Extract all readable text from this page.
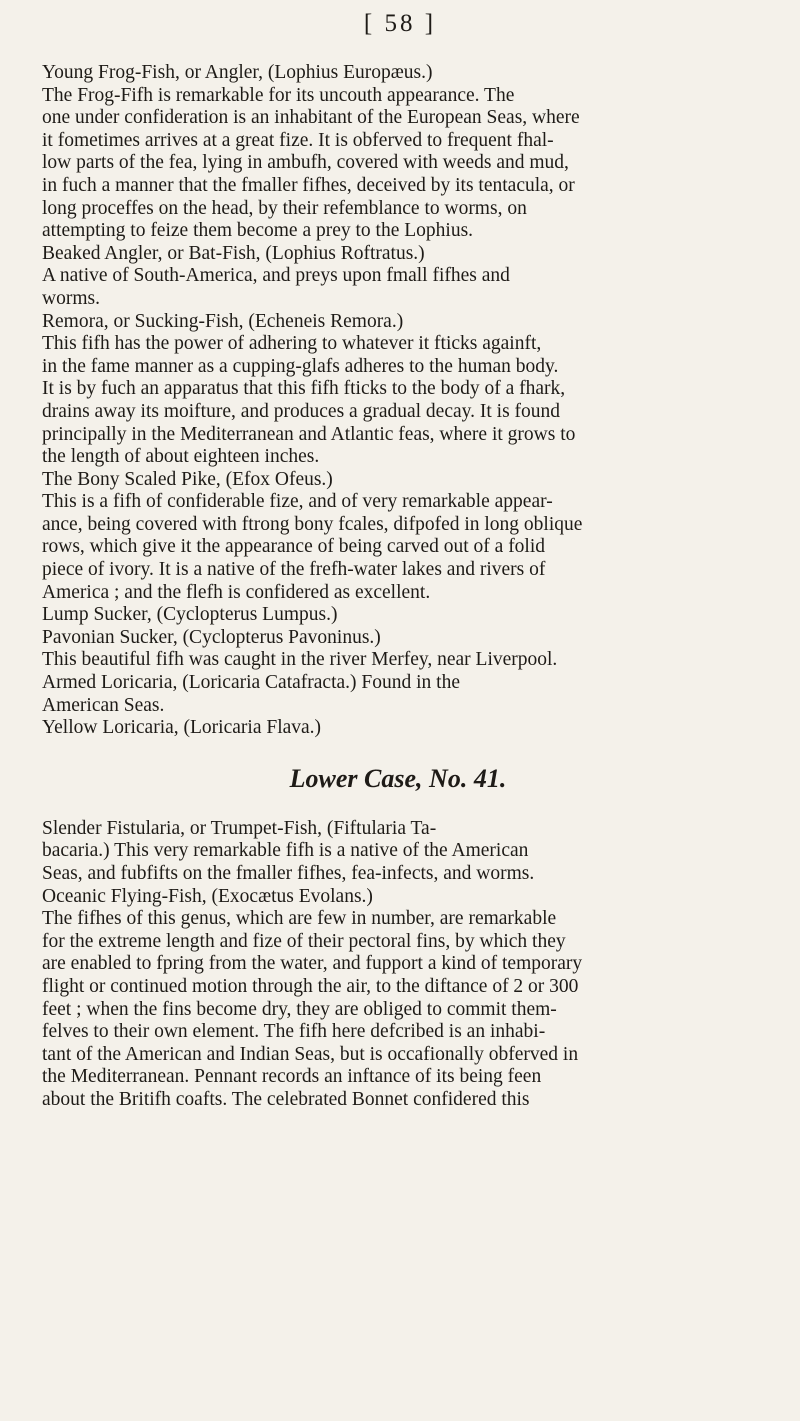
[ 58 ]
Young Frog-Fish, or Angler, (Lophius Europæus.)
The Frog-Fifh is remarkable for its uncouth appearance. The
one under confideration is an inhabitant of the European Seas, where
it fometimes arrives at a great fize. It is obferved to frequent fhal-
low parts of the fea, lying in ambufh, covered with weeds and mud,
in fuch a manner that the fmaller fifhes, deceived by its tentacula, or
long proceffes on the head, by their refemblance to worms, on
attempting to feize them become a prey to the Lophius.
Beaked Angler, or Bat-Fish, (Lophius Roftratus.)
A native of South-America, and preys upon fmall fifhes and
worms.
Remora, or Sucking-Fish, (Echeneis Remora.)
This fifh has the power of adhering to whatever it fticks againft,
in the fame manner as a cupping-glafs adheres to the human body.
It is by fuch an apparatus that this fifh fticks to the body of a fhark,
drains away its moifture, and produces a gradual decay. It is found
principally in the Mediterranean and Atlantic feas, where it grows to
the length of about eighteen inches.
The Bony Scaled Pike, (Efox Ofeus.)
This is a fifh of confiderable fize, and of very remarkable appear-
ance, being covered with ftrong bony fcales, difpofed in long oblique
rows, which give it the appearance of being carved out of a folid
piece of ivory. It is a native of the frefh-water lakes and rivers of
America ; and the flefh is confidered as excellent.
Lump Sucker, (Cyclopterus Lumpus.)
Pavonian Sucker, (Cyclopterus Pavoninus.)
This beautiful fifh was caught in the river Merfey, near Liverpool.
Armed Loricaria, (Loricaria Catafracta.) Found in the
American Seas.
Yellow Loricaria, (Loricaria Flava.)
Lower Case, No. 41.
Slender Fistularia, or Trumpet-Fish, (Fiftularia Ta-
bacaria.) This very remarkable fifh is a native of the American
Seas, and fubfifts on the fmaller fifhes, fea-infects, and worms.
Oceanic Flying-Fish, (Exocætus Evolans.)
The fifhes of this genus, which are few in number, are remarkable
for the extreme length and fize of their pectoral fins, by which they
are enabled to fpring from the water, and fupport a kind of temporary
flight or continued motion through the air, to the diftance of 2 or 300
feet ; when the fins become dry, they are obliged to commit them-
felves to their own element. The fifh here defcribed is an inhabi-
tant of the American and Indian Seas, but is occafionally obferved in
the Mediterranean. Pennant records an inftance of its being feen
about the Britifh coafts. The celebrated Bonnet confidered this
